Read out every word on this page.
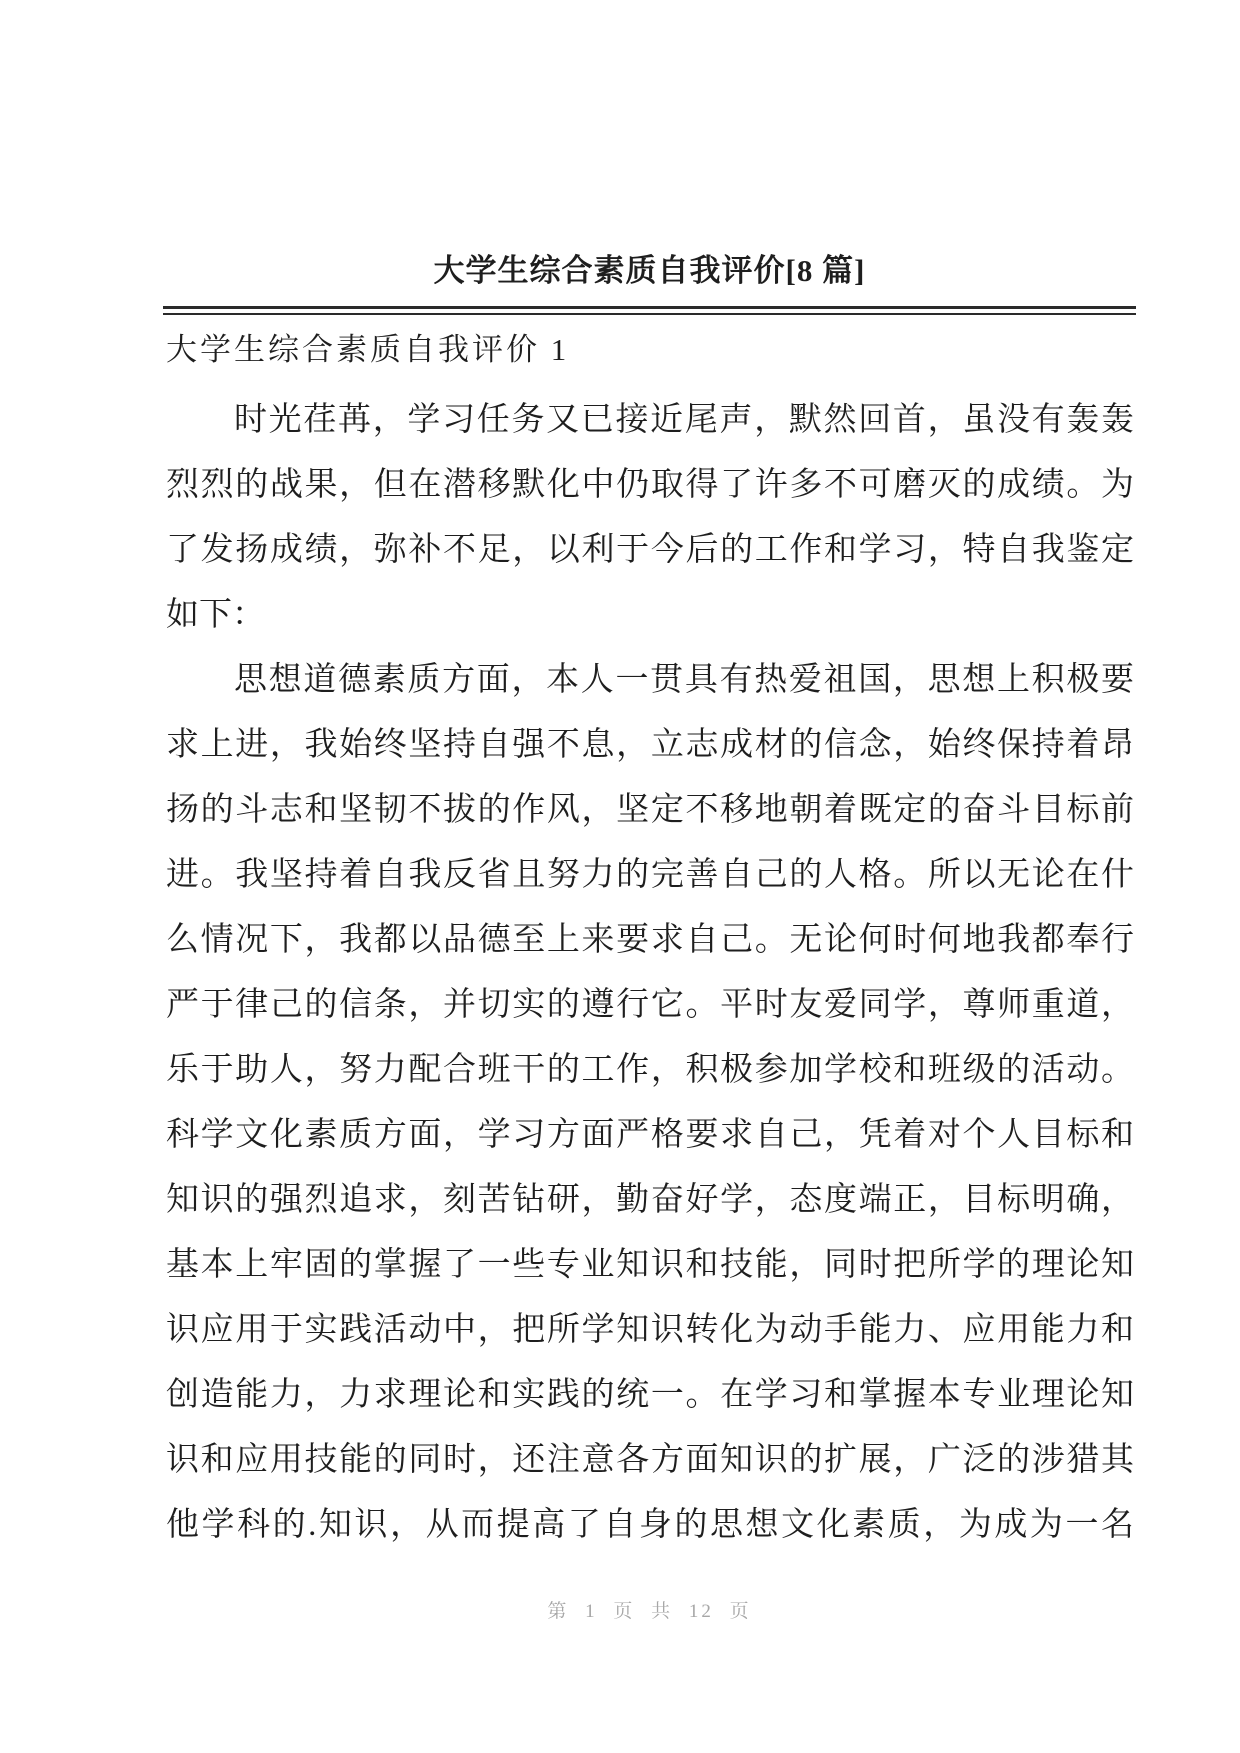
大学生综合素质自我评价[8 篇]
大学生综合素质自我评价 1
时光荏苒，学习任务又已接近尾声，默然回首，虽没有轰轰
烈烈的战果，但在潜移默化中仍取得了许多不可磨灭的成绩。为
了发扬成绩，弥补不足，以利于今后的工作和学习，特自我鉴定
如下：
思想道德素质方面，本人一贯具有热爱祖国，思想上积极要
求上进，我始终坚持自强不息，立志成材的信念，始终保持着昂
扬的斗志和坚韧不拔的作风，坚定不移地朝着既定的奋斗目标前
进。我坚持着自我反省且努力的完善自己的人格。所以无论在什
么情况下，我都以品德至上来要求自己。无论何时何地我都奉行
严于律己的信条，并切实的遵行它。平时友爱同学，尊师重道，
乐于助人，努力配合班干的工作，积极参加学校和班级的活动。
科学文化素质方面，学习方面严格要求自己，凭着对个人目标和
知识的强烈追求，刻苦钻研，勤奋好学，态度端正，目标明确，
基本上牢固的掌握了一些专业知识和技能，同时把所学的理论知
识应用于实践活动中，把所学知识转化为动手能力、应用能力和
创造能力，力求理论和实践的统一。在学习和掌握本专业理论知
识和应用技能的同时，还注意各方面知识的扩展，广泛的涉猎其
他学科的.知识，从而提高了自身的思想文化素质，为成为一名
第 1 页 共 12 页
